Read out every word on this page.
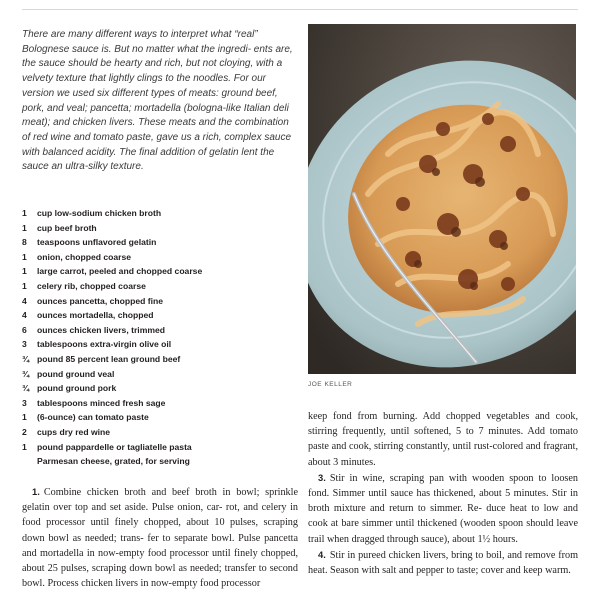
There are many different ways to interpret what “real” Bolognese sauce is. But no matter what the ingredi- ents are, the sauce should be hearty and rich, but not cloying, with a velvety texture that lightly clings to the noodles. For our version we used six different types of meats: ground beef, pork, and veal; pancetta; mortadella (bologna-like Italian deli meat); and chicken livers. These meats and the combination of red wine and tomato paste, gave us a rich, complex sauce with balanced acidity. The final addition of gelatin lent the sauce an ultra-silky texture.

1	cup low-sodium chicken broth
1	cup beef broth
8	teaspoons unflavored gelatin
1	onion, chopped coarse
1	large carrot, peeled and chopped coarse
1	celery rib, chopped coarse
4	ounces pancetta, chopped fine
4	ounces mortadella, chopped
6	ounces chicken livers, trimmed
3	tablespoons extra-virgin olive oil
¾ pound 85 percent lean ground beef
¾ pound ground veal
¾ pound ground pork
3	tablespoons minced fresh sage
1	(6-ounce) can tomato paste
2	cups dry red wine
1	pound pappardelle or tagliatelle pasta
Parmesan cheese, grated, for serving

1. Combine chicken broth and beef broth in bowl; sprinkle gelatin over top and set aside. Pulse onion, car- rot, and celery in food processor until finely chopped, about 10 pulses, scraping down bowl as needed; trans- fer to separate bowl. Pulse pancetta and mortadella in now-empty food processor until finely chopped, about 25 pulses, scraping down bowl as needed; transfer to second bowl. Process chicken livers in now-empty food processor

JOE KELLER

keep fond from burning. Add chopped vegetables and cook, stirring frequently, until softened, 5 to 7 minutes. Add tomato paste and cook, stirring constantly, until rust-colored and fragrant, about 3 minutes.

3. Stir in wine, scraping pan with wooden spoon to loosen fond. Simmer until sauce has thickened, about 5 minutes. Stir in broth mixture and return to simmer. Re- duce heat to low and cook at bare simmer until thickened (wooden spoon should leave trail when dragged through sauce), about 1½ hours.

4. Stir in pureed chicken livers, bring to boil, and remove from heat. Season with salt and pepper to taste; cover and keep warm.
